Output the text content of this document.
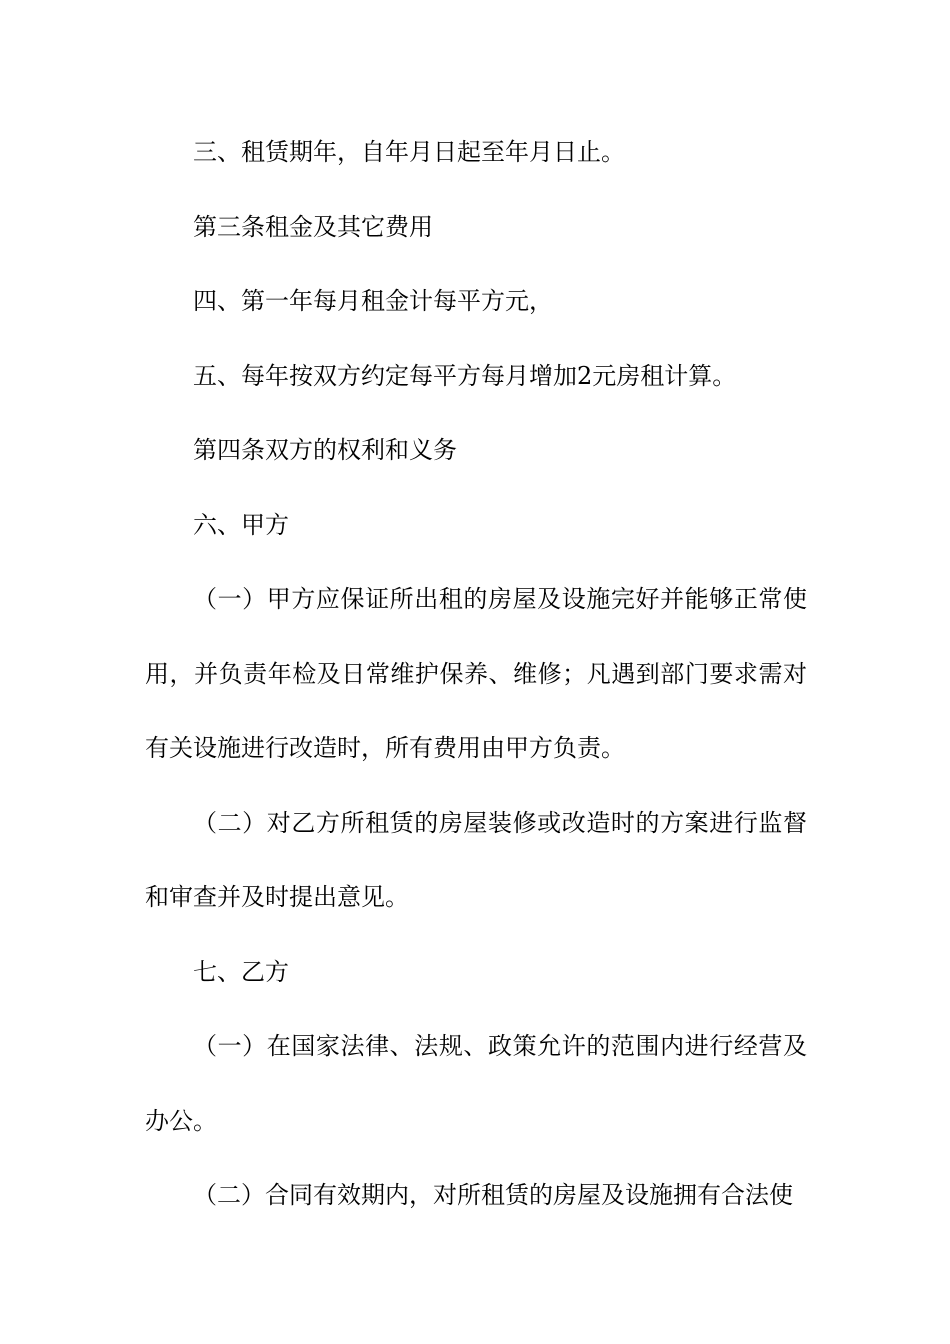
三、租赁期年，自年月日起至年月日止。

第三条租金及其它费用

四、第一年每月租金计每平方元，

五、每年按双方约定每平方每月增加2元房租计算。

第四条双方的权利和义务

六、甲方

（一）甲方应保证所出租的房屋及设施完好并能够正常使用，并负责年检及日常维护保养、维修；凡遇到部门要求需对有关设施进行改造时，所有费用由甲方负责。

（二）对乙方所租赁的房屋装修或改造时的方案进行监督和审查并及时提出意见。

七、乙方

（一）在国家法律、法规、政策允许的范围内进行经营及办公。

（二）合同有效期内，对所租赁的房屋及设施拥有合法使
